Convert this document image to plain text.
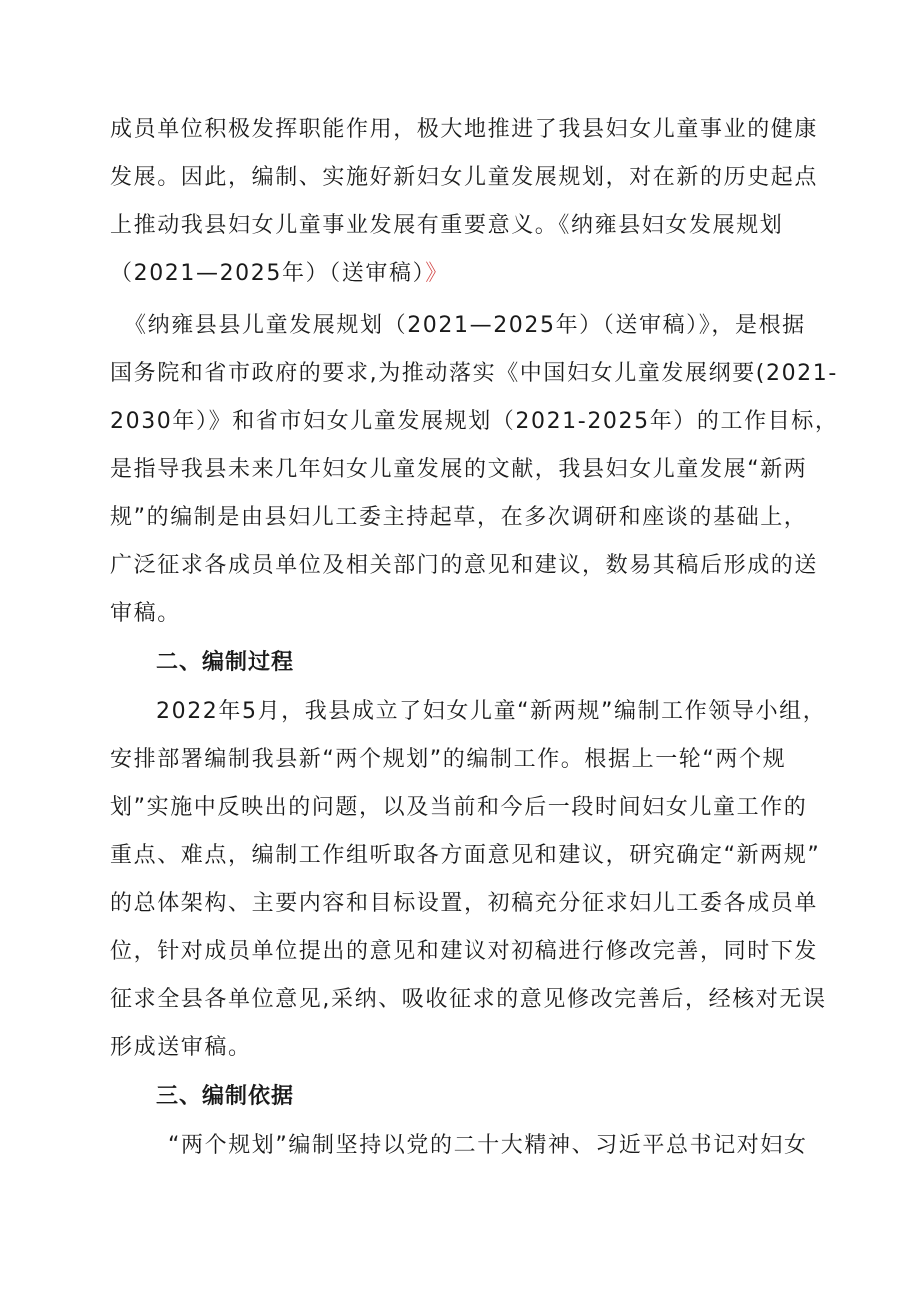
成员单位积极发挥职能作用，极大地推进了我县妇女儿童事业的健康
发展。因此，编制、实施好新妇女儿童发展规划，对在新的历史起点
上推动我县妇女儿童事业发展有重要意义。《纳雍县妇女发展规划
（2021—2025年）（送审稿）》
《纳雍县县儿童发展规划（2021—2025年）（送审稿）》，是根据
国务院和省市政府的要求,为推动落实《中国妇女儿童发展纲要(2021-
2030年）》和省市妇女儿童发展规划（2021-2025年）的工作目标，
是指导我县未来几年妇女儿童发展的文献，我县妇女儿童发展“新两
规”的编制是由县妇儿工委主持起草，在多次调研和座谈的基础上，
广泛征求各成员单位及相关部门的意见和建议，数易其稿后形成的送
审稿。
二、编制过程
2022年5月，我县成立了妇女儿童“新两规”编制工作领导小组，
安排部署编制我县新“两个规划”的编制工作。根据上一轮“两个规
划”实施中反映出的问题，以及当前和今后一段时间妇女儿童工作的
重点、难点，编制工作组听取各方面意见和建议，研究确定“新两规”
的总体架构、主要内容和目标设置，初稿充分征求妇儿工委各成员单
位，针对成员单位提出的意见和建议对初稿进行修改完善，同时下发
征求全县各单位意见,采纳、吸收征求的意见修改完善后，经核对无误
形成送审稿。
三、编制依据
“两个规划”编制坚持以党的二十大精神、习近平总书记对妇女
